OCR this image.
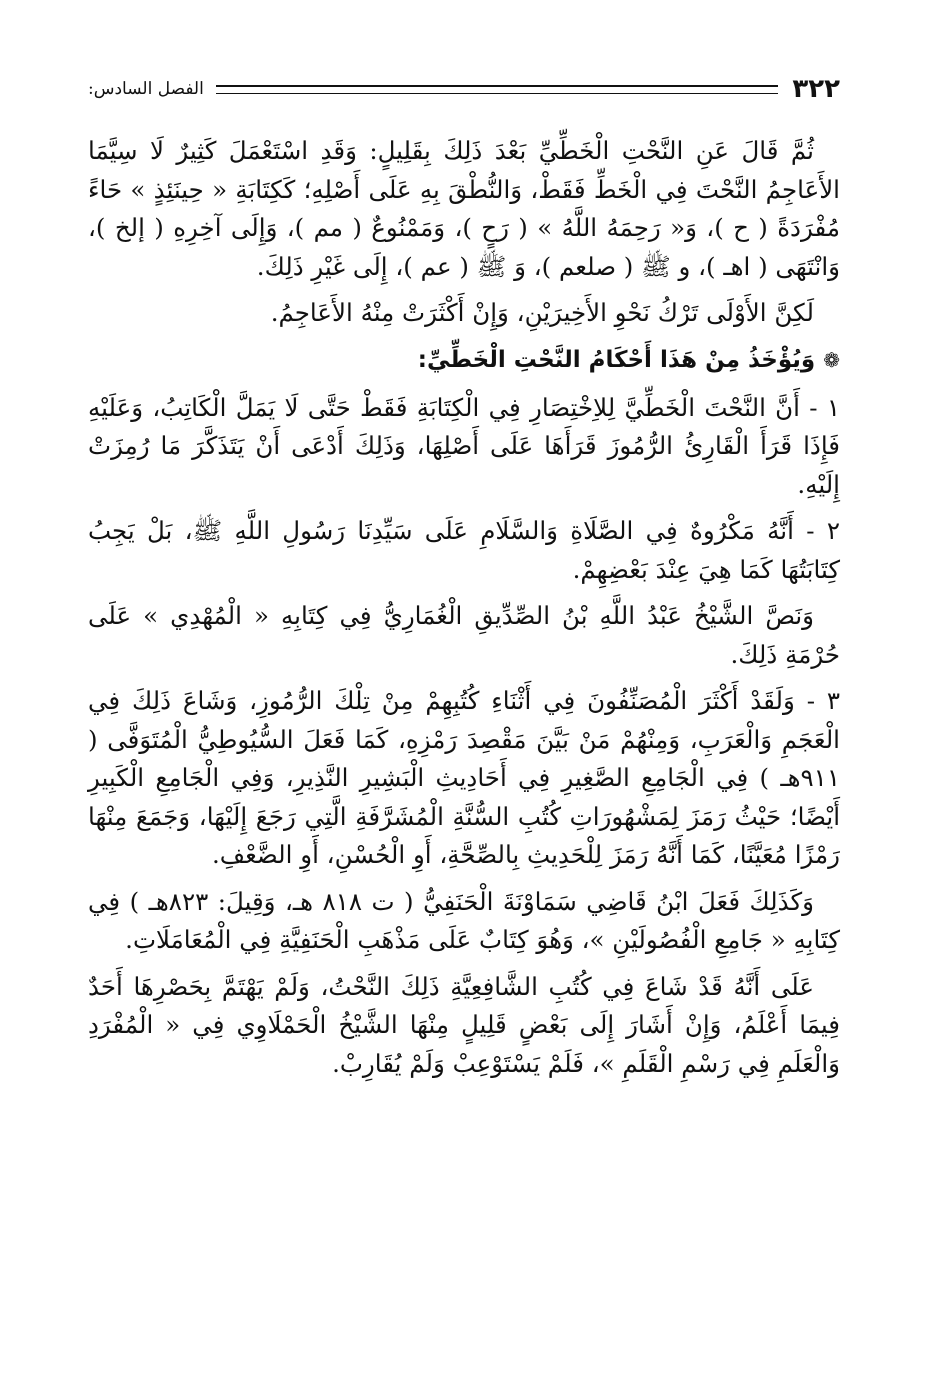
٣٢٢
الفصل السادس:

ثُمَّ قَالَ عَنِ النَّحْتِ الْخَطِّيِّ بَعْدَ ذَلِكَ بِقَلِيلٍ: وَقَدِ اسْتَعْمَلَ كَثِيرٌ لَا سِيَّمَا الأَعَاجِمُ النَّحْتَ فِي الْخَطِّ فَقَطْ، وَالنُّطْقَ بِهِ عَلَى أَصْلِهِ؛ كَكِتَابَةِ « حِينَئِذٍ » حَاءً مُفْرَدَةً ( ح )، وَ« رَحِمَهُ اللَّهُ » ( رَحٍ )، وَمَمْنُوعٌ ( مم )، وَإِلَى آخِرِهِ ( إلخ )، وَانْتَهَى ( اهـ )، و ﷺ ( صلعم )، وَ ﷺ ( عم )، إِلَى غَيْرِ ذَلِكَ.

لَكِنَّ الأَوْلَى تَرْكُ نَحْوِ الأَخِيرَيْنِ، وَإِنْ أَكْثَرَتْ مِنْهُ الأَعَاجِمُ.

❁
وَيُؤْخَذُ مِنْ هَذَا أَحْكَامُ النَّحْتِ الْخَطِّيِّ:

١ - أَنَّ النَّحْتَ الْخَطِّيَّ لِلاِخْتِصَارِ فِي الْكِتَابَةِ فَقَطْ حَتَّى لَا يَمَلَّ الْكَاتِبُ، وَعَلَيْهِ فَإِذَا قَرَأَ الْقَارِئُ الرُّمُوزَ قَرَأَهَا عَلَى أَصْلِهَا، وَذَلِكَ أَدْعَى أَنْ يَتَذَكَّرَ مَا رُمِزَتْ إِلَيْهِ.

٢ - أَنَّهُ مَكْرُوهٌ فِي الصَّلَاةِ وَالسَّلَامِ عَلَى سَيِّدِنَا رَسُولِ اللَّهِ ﷺ، بَلْ يَجِبُ كِتَابَتُهَا كَمَا هِيَ عِنْدَ بَعْضِهِمْ.

وَنَصَّ الشَّيْخُ عَبْدُ اللَّهِ بْنُ الصِّدِّيقِ الْغُمَارِيُّ فِي كِتَابِهِ « الْمُهْدِي » عَلَى حُرْمَةِ ذَلِكَ.

٣ - وَلَقَدْ أَكْثَرَ الْمُصَنِّفُونَ فِي أَثْنَاءِ كُتُبِهِمْ مِنْ تِلْكَ الرُّمُوزِ، وَشَاعَ ذَلِكَ فِي الْعَجَمِ وَالْعَرَبِ، وَمِنْهُمْ مَنْ بَيَّنَ مَقْصِدَ رَمْزِهِ، كَمَا فَعَلَ السُّيُوطِيُّ الْمُتَوَفَّى ( ٩١١هـ ) فِي الْجَامِعِ الصَّغِيرِ فِي أَحَادِيثِ الْبَشِيرِ النَّذِيرِ، وَفِي الْجَامِعِ الْكَبِيرِ أَيْضًا؛ حَيْثُ رَمَزَ لِمَشْهُورَاتِ كُتُبِ السُّنَّةِ الْمُشَرَّفَةِ الَّتِي رَجَعَ إِلَيْهَا، وَجَمَعَ مِنْهَا رَمْزًا مُعَيَّنًا، كَمَا أَنَّهُ رَمَزَ لِلْحَدِيثِ بِالصِّحَّةِ، أَوِ الْحُسْنِ، أَوِ الضَّعْفِ.

وَكَذَلِكَ فَعَلَ ابْنُ قَاضِي سَمَاوْنَةَ الْحَنَفِيُّ ( ت ٨١٨ هـ، وَقِيلَ: ٨٢٣هـ ) فِي كِتَابِهِ « جَامِعِ الْفُصُولَيْنِ »، وَهُوَ كِتَابٌ عَلَى مَذْهَبِ الْحَنَفِيَّةِ فِي الْمُعَامَلَاتِ.

عَلَى أَنَّهُ قَدْ شَاعَ فِي كُتُبِ الشَّافِعِيَّةِ ذَلِكَ النَّحْتُ، وَلَمْ يَهْتَمَّ بِحَصْرِهَا أَحَدٌ فِيمَا أَعْلَمُ، وَإِنْ أَشَارَ إِلَى بَعْضٍ قَلِيلٍ مِنْهَا الشَّيْخُ الْحَمْلَاوِي فِي « الْمُفْرَدِ وَالْعَلَمِ فِي رَسْمِ الْقَلَمِ »، فَلَمْ يَسْتَوْعِبْ وَلَمْ يُقَارِبْ.
